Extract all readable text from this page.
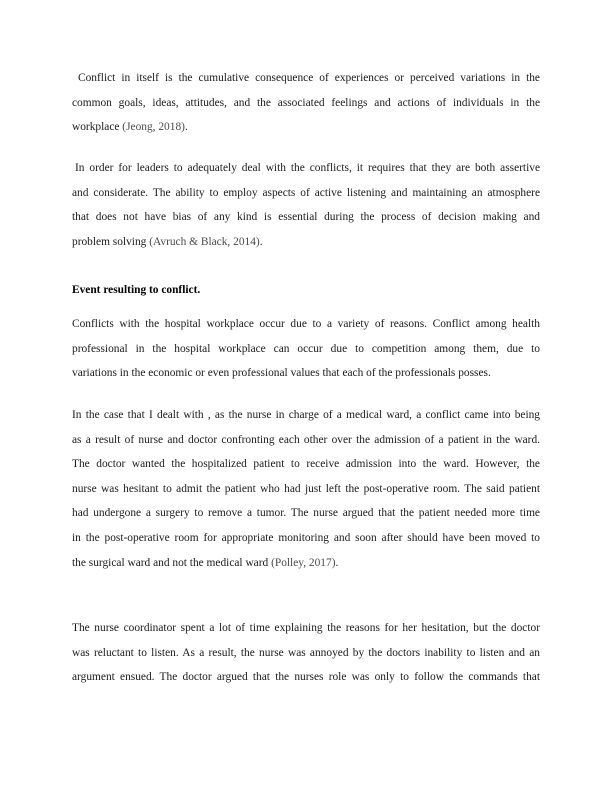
Conflict in itself is the cumulative consequence of experiences or perceived variations in the
common goals, ideas, attitudes, and the associated feelings and actions of individuals in the
workplace (Jeong, 2018).

In order for leaders to adequately deal with the conflicts, it requires that they are both assertive
and considerate. The ability to employ aspects of active listening and maintaining an atmosphere
that does not have bias of any kind is essential during the process of decision making and
problem solving (Avruch & Black, 2014).

Event resulting to conflict.

Conflicts with the hospital workplace occur due to a variety of reasons. Conflict among health
professional in the hospital workplace can occur due to competition among them, due to
variations in the economic or even professional values that each of the professionals posses.

In the case that I dealt with , as the nurse in charge of a medical ward, a conflict came into being
as a result of nurse and doctor confronting each other over the admission of a patient in the ward.
The doctor wanted the hospitalized patient to receive admission into the ward. However, the
nurse was hesitant to admit the patient who had just left the post-operative room. The said patient
had undergone a surgery to remove a tumor. The nurse argued that the patient needed more time
in the post-operative room for appropriate monitoring and soon after should have been moved to
the surgical ward and not the medical ward (Polley, 2017).

The nurse coordinator spent a lot of time explaining the reasons for her hesitation, but the doctor
was reluctant to listen. As a result, the nurse was annoyed by the doctors inability to listen and an
argument ensued. The doctor argued that the nurses role was only to follow the commands that
